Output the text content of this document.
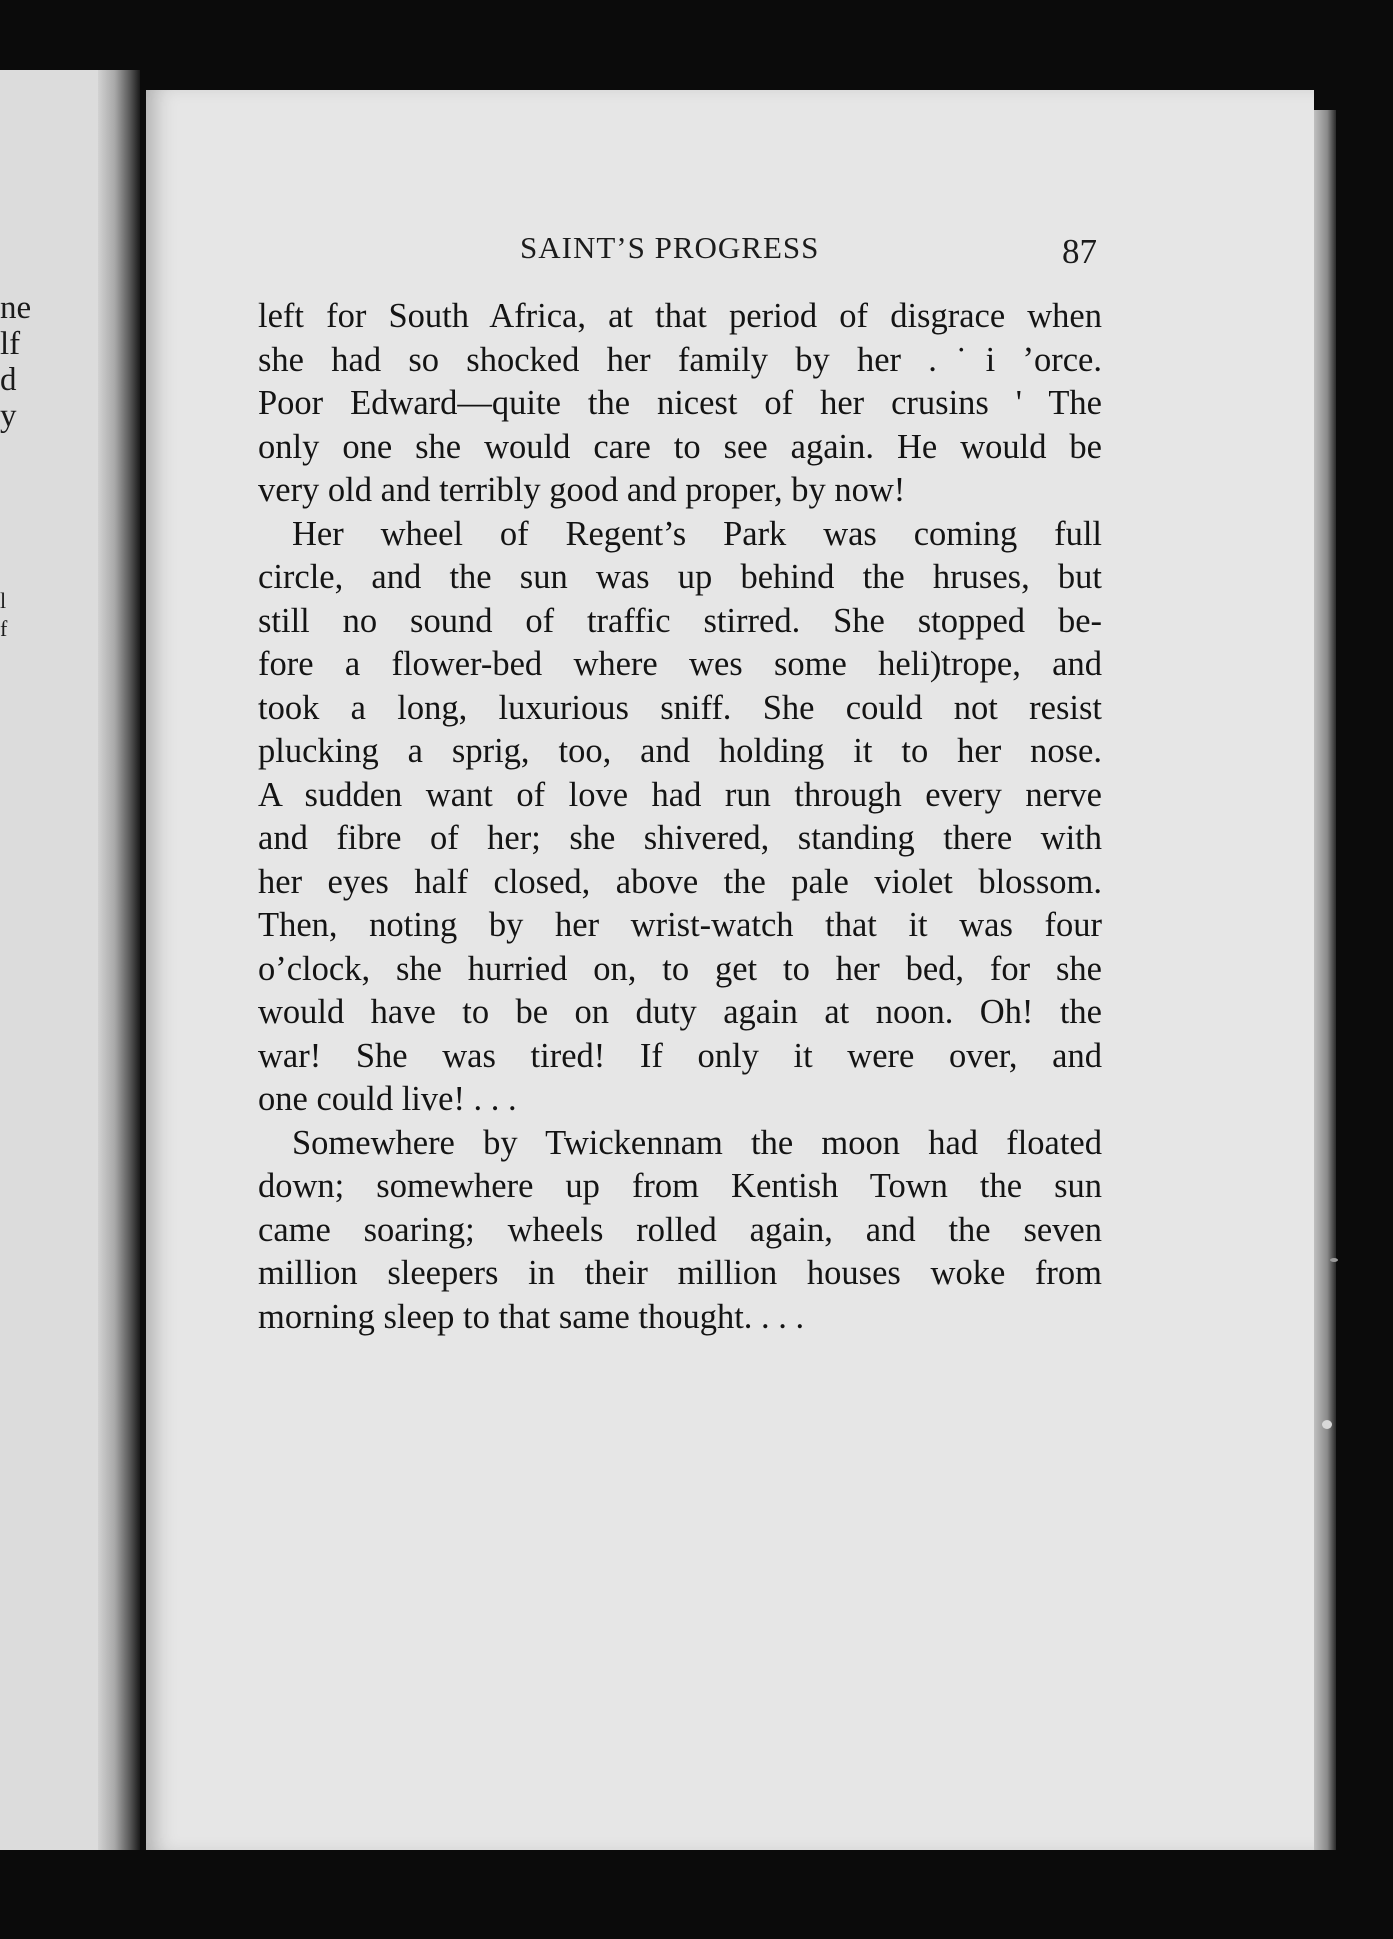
ne
lf
d
y
l
f
SAINT’S PROGRESS	87
left for South Africa, at that period of disgrace when
she had so shocked her family by her .˙i ʼorce.
Poor Edward—quite the nicest of her crusins ' The
only one she would care to see again. He would be
very old and terribly good and proper, by now!
Her wheel of Regent’s Park was coming full
circle, and the sun was up behind the hruses, but
still no sound of traffic stirred. She stopped be-
fore a flower-bed where wes some heli)trope, and
took a long, luxurious sniff. She could not resist
plucking a sprig, too, and holding it to her nose.
A sudden want of love had run through every nerve
and fibre of her; she shivered, standing there with
her eyes half closed, above the pale violet blossom.
Then, noting by her wrist-watch that it was four
o’clock, she hurried on, to get to her bed, for she
would have to be on duty again at noon. Oh! the
war! She was tired! If only it were over, and
one could live! . . .
Somewhere by Twickennam the moon had floated
down; somewhere up from Kentish Town the sun
came soaring; wheels rolled again, and the seven
million sleepers in their million houses woke from
morning sleep to that same thought. . . .
